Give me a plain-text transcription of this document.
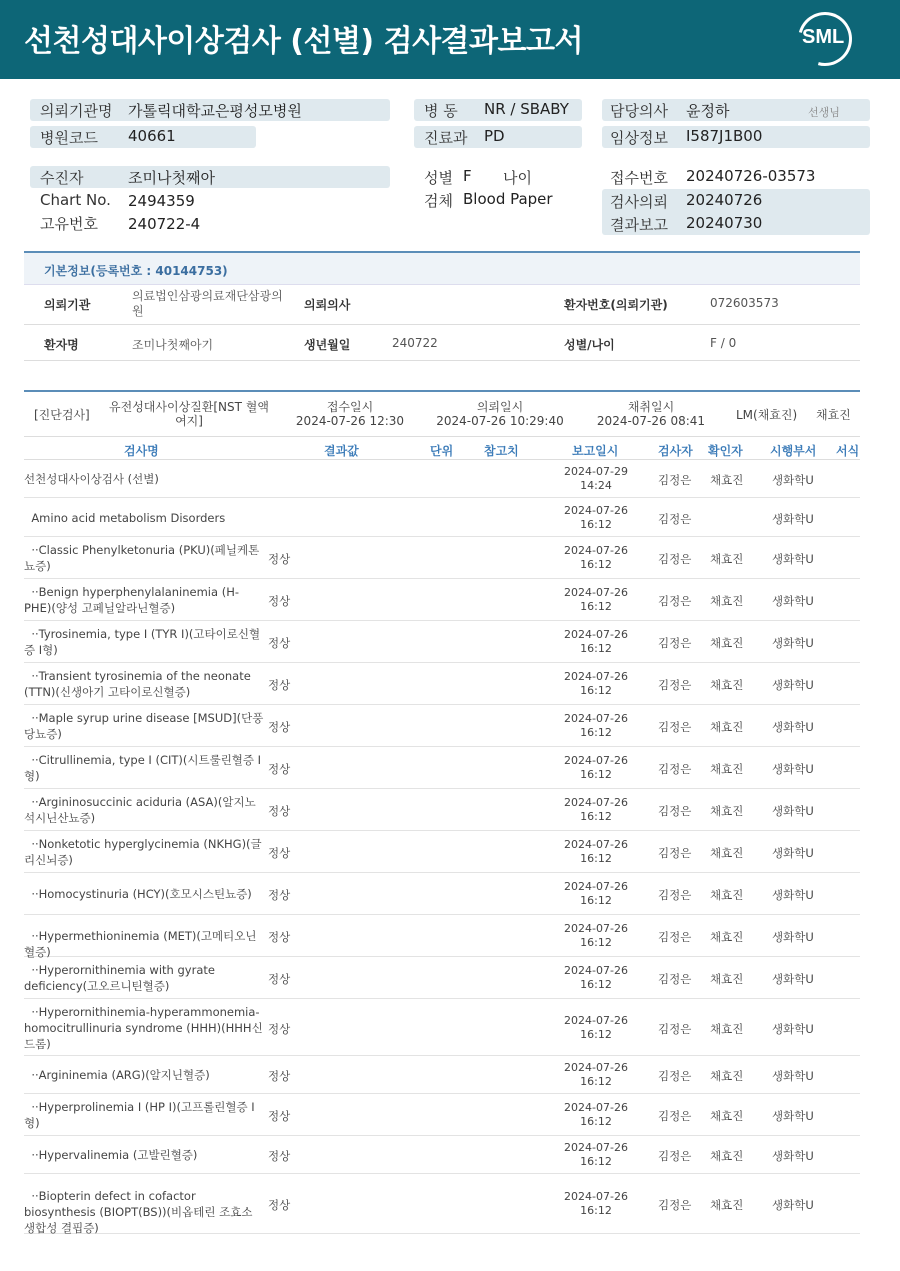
선천성대사이상검사 (선별) 검사결과보고서	SML
의뢰기관명 가톨릭대학교은평성모병원
병원코드 40661
병 동 NR / SBABY
진료과 PD
담당의사 윤정하	선생님
임상정보 I587J1B00
수진자	조미나첫째아
Chart No. 2494359
고유번호 240722-4
성별 F 나이
검체 Blood Paper
접수번호 20240726-03573
검사의뢰 20240726
결과보고 20240730
기본정보(등록번호 : 40144753)
의뢰기관
의료법인삼광의료재단삼광의원	의뢰의사	환자번호(의뢰기관)	072603573
환자명	조미나첫째아기	생년월일	240722	성별/나이	F / 0
[진단검사]
유전성대사이상질환[NST 혈액여지]
접수일시
2024-07-26 12:30
의뢰일시
2024-07-26 10:29:40
채취일시
2024-07-26 08:41	LM(채효진) 채효진
검사명	결과값	단위	참고치	보고일시	검사자 확인자 시행부서 서식
선천성대사이상검사 (선별)
2024-07-29
14:24	김정은 채효진 생화학U
Amino acid metabolism Disorders
2024-07-26
16:12	김정은	생화학U
··Classic Phenylketonuria (PKU)(페닐케톤뇨증)	정상
2024-07-26
16:12	김정은 채효진 생화학U
··Benign hyperphenylalaninemia (H-PHE)(양성 고페닐알라닌혈증)	정상
2024-07-26
16:12	김정은 채효진 생화학U
··Tyrosinemia, type I (TYR I)(고타이로신혈증 I형)	정상
2024-07-26
16:12	김정은 채효진 생화학U
··Transient tyrosinemia of the neonate (TTN)(신생아기 고타이로신혈증)	정상
2024-07-26
16:12	김정은 채효진 생화학U
··Maple syrup urine disease [MSUD](단풍당뇨증)	정상
2024-07-26
16:12	김정은 채효진 생화학U
··Citrullinemia, type I (CIT)(시트룰린혈증 I형)	정상
2024-07-26
16:12	김정은 채효진 생화학U
··Argininosuccinic aciduria (ASA)(알지노석시닌산뇨증)	정상
2024-07-26
16:12	김정은 채효진 생화학U
··Nonketotic hyperglycinemia (NKHG)(글리신뇌증)	정상
2024-07-26
16:12	김정은 채효진 생화학U
··Homocystinuria (HCY)(호모시스틴뇨증)	정상
2024-07-26
16:12	김정은 채효진 생화학U
··Hypermethioninemia (MET)(고메티오닌혈증)
정상
2024-07-26
16:12	김정은 채효진 생화학U
··Hyperornithinemia with gyrate deficiency(고오르니틴혈증)	정상
2024-07-26
16:12	김정은 채효진 생화학U
··Hyperornithinemia-hyperammonemia-homocitrullinuria syndrome (HHH)(HHH신드롬)
정상
2024-07-26
16:12	김정은 채효진 생화학U
··Argininemia (ARG)(알지닌혈증)	정상
2024-07-26
16:12	김정은 채효진 생화학U
··Hyperprolinemia I (HP I)(고프롤린혈증 I형)	정상
2024-07-26
16:12	김정은 채효진 생화학U
··Hypervalinemia (고발린혈증)	정상
2024-07-26
16:12	김정은 채효진 생화학U
··Biopterin defect in cofactor biosynthesis (BIOPT(BS))(비옵테린 조효소 생합성 결핍증)
정상
2024-07-26
16:12	김정은 채효진 생화학U
